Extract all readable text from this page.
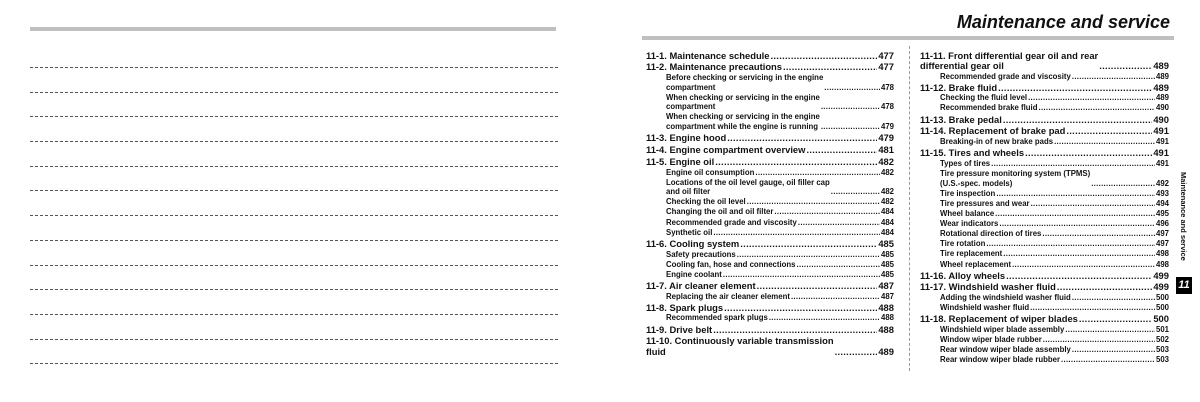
Maintenance and service
11-1. Maintenance schedule .....	477
11-2. Maintenance precautions .....	477
Before checking or servicing in the engine
compartment .....	478
When checking or servicing in the engine
compartment .....	478
When checking or servicing in the engine
compartment while the engine is running .....	479
11-3. Engine hood .....	479
11-4. Engine compartment overview .....	481
11-5. Engine oil .....	482
Engine oil consumption .....	482
Locations of the oil level gauge, oil filler cap
and oil filter .....	482
Checking the oil level .....	482
Changing the oil and oil filter .....	484
Recommended grade and viscosity .....	484
Synthetic oil .....	484
11-6. Cooling system .....	485
Safety precautions .....	485
Cooling fan, hose and connections .....	485
Engine coolant .....	485
11-7. Air cleaner element .....	487
Replacing the air cleaner element .....	487
11-8. Spark plugs .....	488
Recommended spark plugs .....	488
11-9. Drive belt .....	488
11-10. Continuously variable transmission
fluid .....	489
11-11. Front differential gear oil and rear
differential gear oil .....	489
Recommended grade and viscosity .....	489
11-12. Brake fluid .....	489
Checking the fluid level .....	489
Recommended brake fluid .....	490
11-13. Brake pedal .....	490
11-14. Replacement of brake pad .....	491
Breaking-in of new brake pads .....	491
11-15. Tires and wheels .....	491
Types of tires .....	491
Tire pressure monitoring system (TPMS)
(U.S.-spec. models) .....	492
Tire inspection .....	493
Tire pressures and wear .....	494
Wheel balance .....	495
Wear indicators .....	496
Rotational direction of tires .....	497
Tire rotation .....	497
Tire replacement .....	498
Wheel replacement .....	498
11-16. Alloy wheels .....	499
11-17. Windshield washer fluid .....	499
Adding the windshield washer fluid .....	500
Windshield washer fluid .....	500
11-18. Replacement of wiper blades .....	500
Windshield wiper blade assembly .....	501
Window wiper blade rubber .....	502
Rear window wiper blade assembly .....	503
Rear window wiper blade rubber .....	503
Maintenance and service
11
